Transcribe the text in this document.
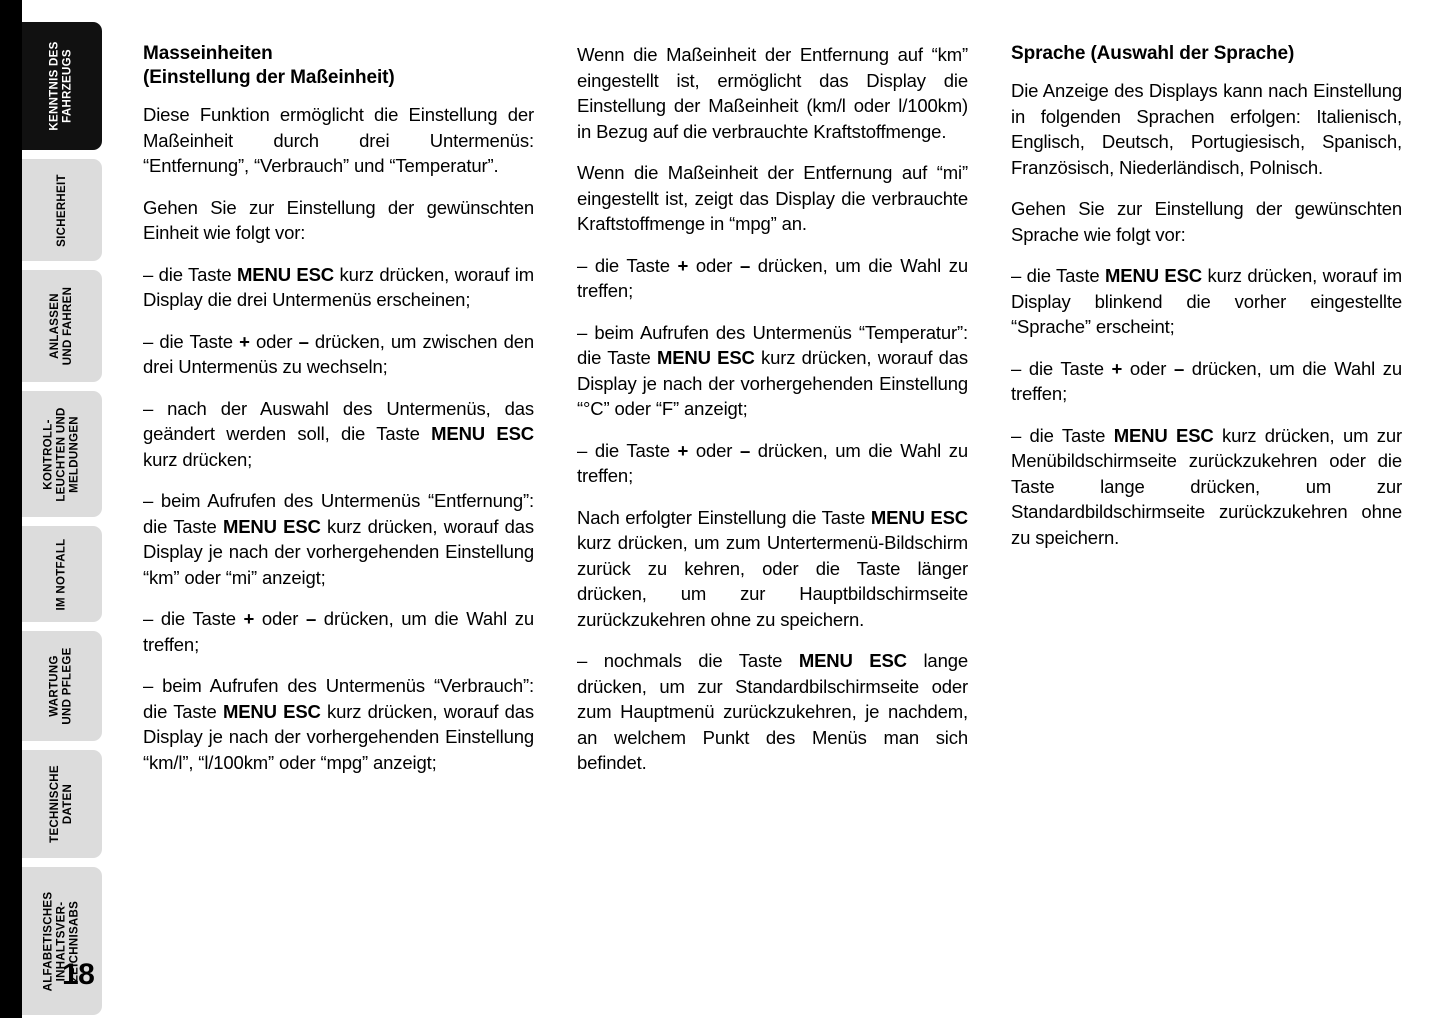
KENNTNIS DES
FAHRZEUGS
SICHERHEIT
ANLASSEN
UND FAHREN
KONTROLL-
LEUCHTEN UND
MELDUNGEN
IM NOTFALL
WARTUNG
UND PFLEGE
TECHNISCHE
DATEN
ALFABETISCHES
INHALTSVER-
ZEICHNISABS
18
Masseinheiten
(Einstellung der Maßeinheit)

Diese Funktion ermöglicht die Einstellung der Maßeinheit durch drei Untermenüs: “Entfernung”, “Verbrauch” und “Temperatur”.

Gehen Sie zur Einstellung der gewünschten Einheit wie folgt vor:

– die Taste MENU ESC kurz drücken, worauf im Display die drei Untermenüs erscheinen;

– die Taste + oder – drücken, um zwischen den drei Untermenüs zu wechseln;

– nach der Auswahl des Untermenüs, das geändert werden soll, die Taste MENU ESC kurz drücken;

– beim Aufrufen des Untermenüs “Entfernung”: die Taste MENU ESC kurz drücken, worauf das Display je nach der vorhergehenden Einstellung “km” oder “mi” anzeigt;

– die Taste + oder – drücken, um die Wahl zu treffen;

– beim Aufrufen des Untermenüs “Verbrauch”: die Taste MENU ESC kurz drücken, worauf das Display je nach der vorhergehenden Einstellung “km/l”, “l/100km” oder “mpg” anzeigt;

Wenn die Maßeinheit der Entfernung auf “km” eingestellt ist, ermöglicht das Display die Einstellung der Maßeinheit (km/l oder l/100km) in Bezug auf die verbrauchte Kraftstoffmenge.

Wenn die Maßeinheit der Entfernung auf “mi” eingestellt ist, zeigt das Display die verbrauchte Kraftstoffmenge in “mpg” an.

– die Taste + oder – drücken, um die Wahl zu treffen;

– beim Aufrufen des Untermenüs “Temperatur”: die Taste MENU ESC kurz drücken, worauf das Display je nach der vorhergehenden Einstellung “°C” oder “F” anzeigt;

– die Taste + oder – drücken, um die Wahl zu treffen;

Nach erfolgter Einstellung die Taste MENU ESC kurz drücken, um zum Untertermenü-Bildschirm zurück zu kehren, oder die Taste länger drücken, um zur Hauptbildschirmseite zurückzukehren ohne zu speichern.

– nochmals die Taste MENU ESC lange drücken, um zur Standardbilschirmseite oder zum Hauptmenü zurückzukehren, je nachdem, an welchem Punkt des Menüs man sich befindet.

Sprache (Auswahl der Sprache)

Die Anzeige des Displays kann nach Einstellung in folgenden Sprachen erfolgen: Italienisch, Englisch, Deutsch, Portugiesisch, Spanisch, Französisch, Niederländisch, Polnisch.

Gehen Sie zur Einstellung der gewünschten Sprache wie folgt vor:

– die Taste MENU ESC kurz drücken, worauf im Display blinkend die vorher eingestellte “Sprache” erscheint;

– die Taste + oder – drücken, um die Wahl zu treffen;

– die Taste MENU ESC kurz drücken, um zur Menübildschirmseite zurückzukehren oder die Taste lange drücken, um zur Standardbildschirmseite zurückzukehren ohne zu speichern.
